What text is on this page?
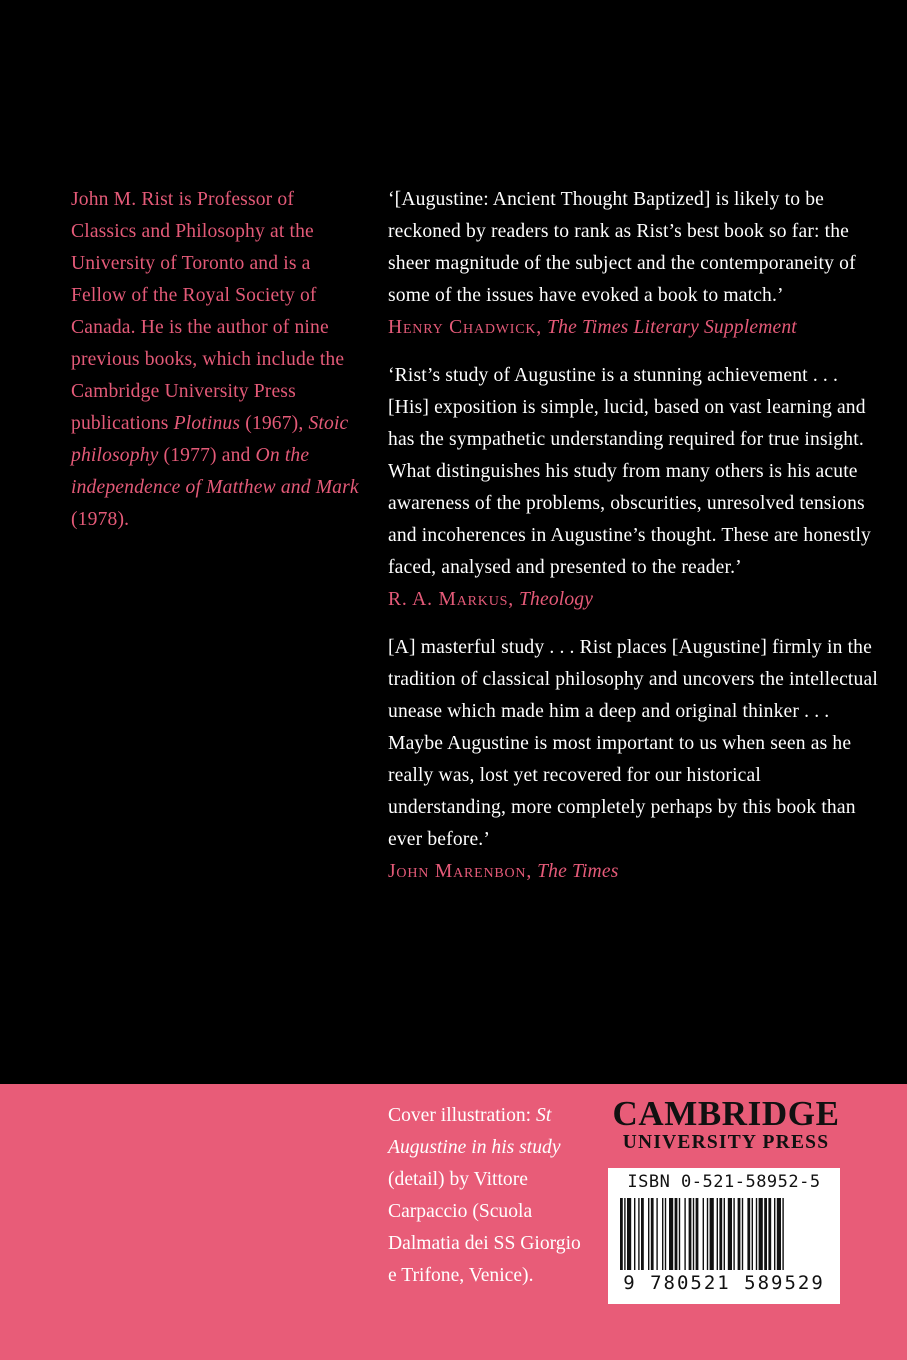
John M. Rist is Professor of Classics and Philosophy at the University of Toronto and is a Fellow of the Royal Society of Canada. He is the author of nine previous books, which include the Cambridge University Press publications Plotinus (1967), Stoic philosophy (1977) and On the independence of Matthew and Mark (1978).

‘[Augustine: Ancient Thought Baptized] is likely to be reckoned by readers to rank as Rist’s best book so far: the sheer magnitude of the subject and the contemporaneity of some of the issues have evoked a book to match.’

Henry Chadwick, The Times Literary Supplement

‘Rist’s study of Augustine is a stunning achievement . . . [His] exposition is simple, lucid, based on vast learning and has the sympathetic understanding required for true insight. What distinguishes his study from many others is his acute awareness of the problems, obscurities, unresolved tensions and incoherences in Augustine’s thought. These are honestly faced, analysed and presented to the reader.’

R. A. Markus, Theology

[A] masterful study . . . Rist places [Augustine] firmly in the tradition of classical philosophy and uncovers the intellectual unease which made him a deep and original thinker . . . Maybe Augustine is most important to us when seen as he really was, lost yet recovered for our historical understanding, more completely perhaps by this book than ever before.’

John Marenbon, The Times

Cover illustration: St Augustine in his study (detail) by Vittore Carpaccio (Scuola Dalmatia dei SS Giorgio e Trifone, Venice).
CAMBRIDGE
UNIVERSITY PRESS
ISBN 0-521-58952-5
9 780521 589529
